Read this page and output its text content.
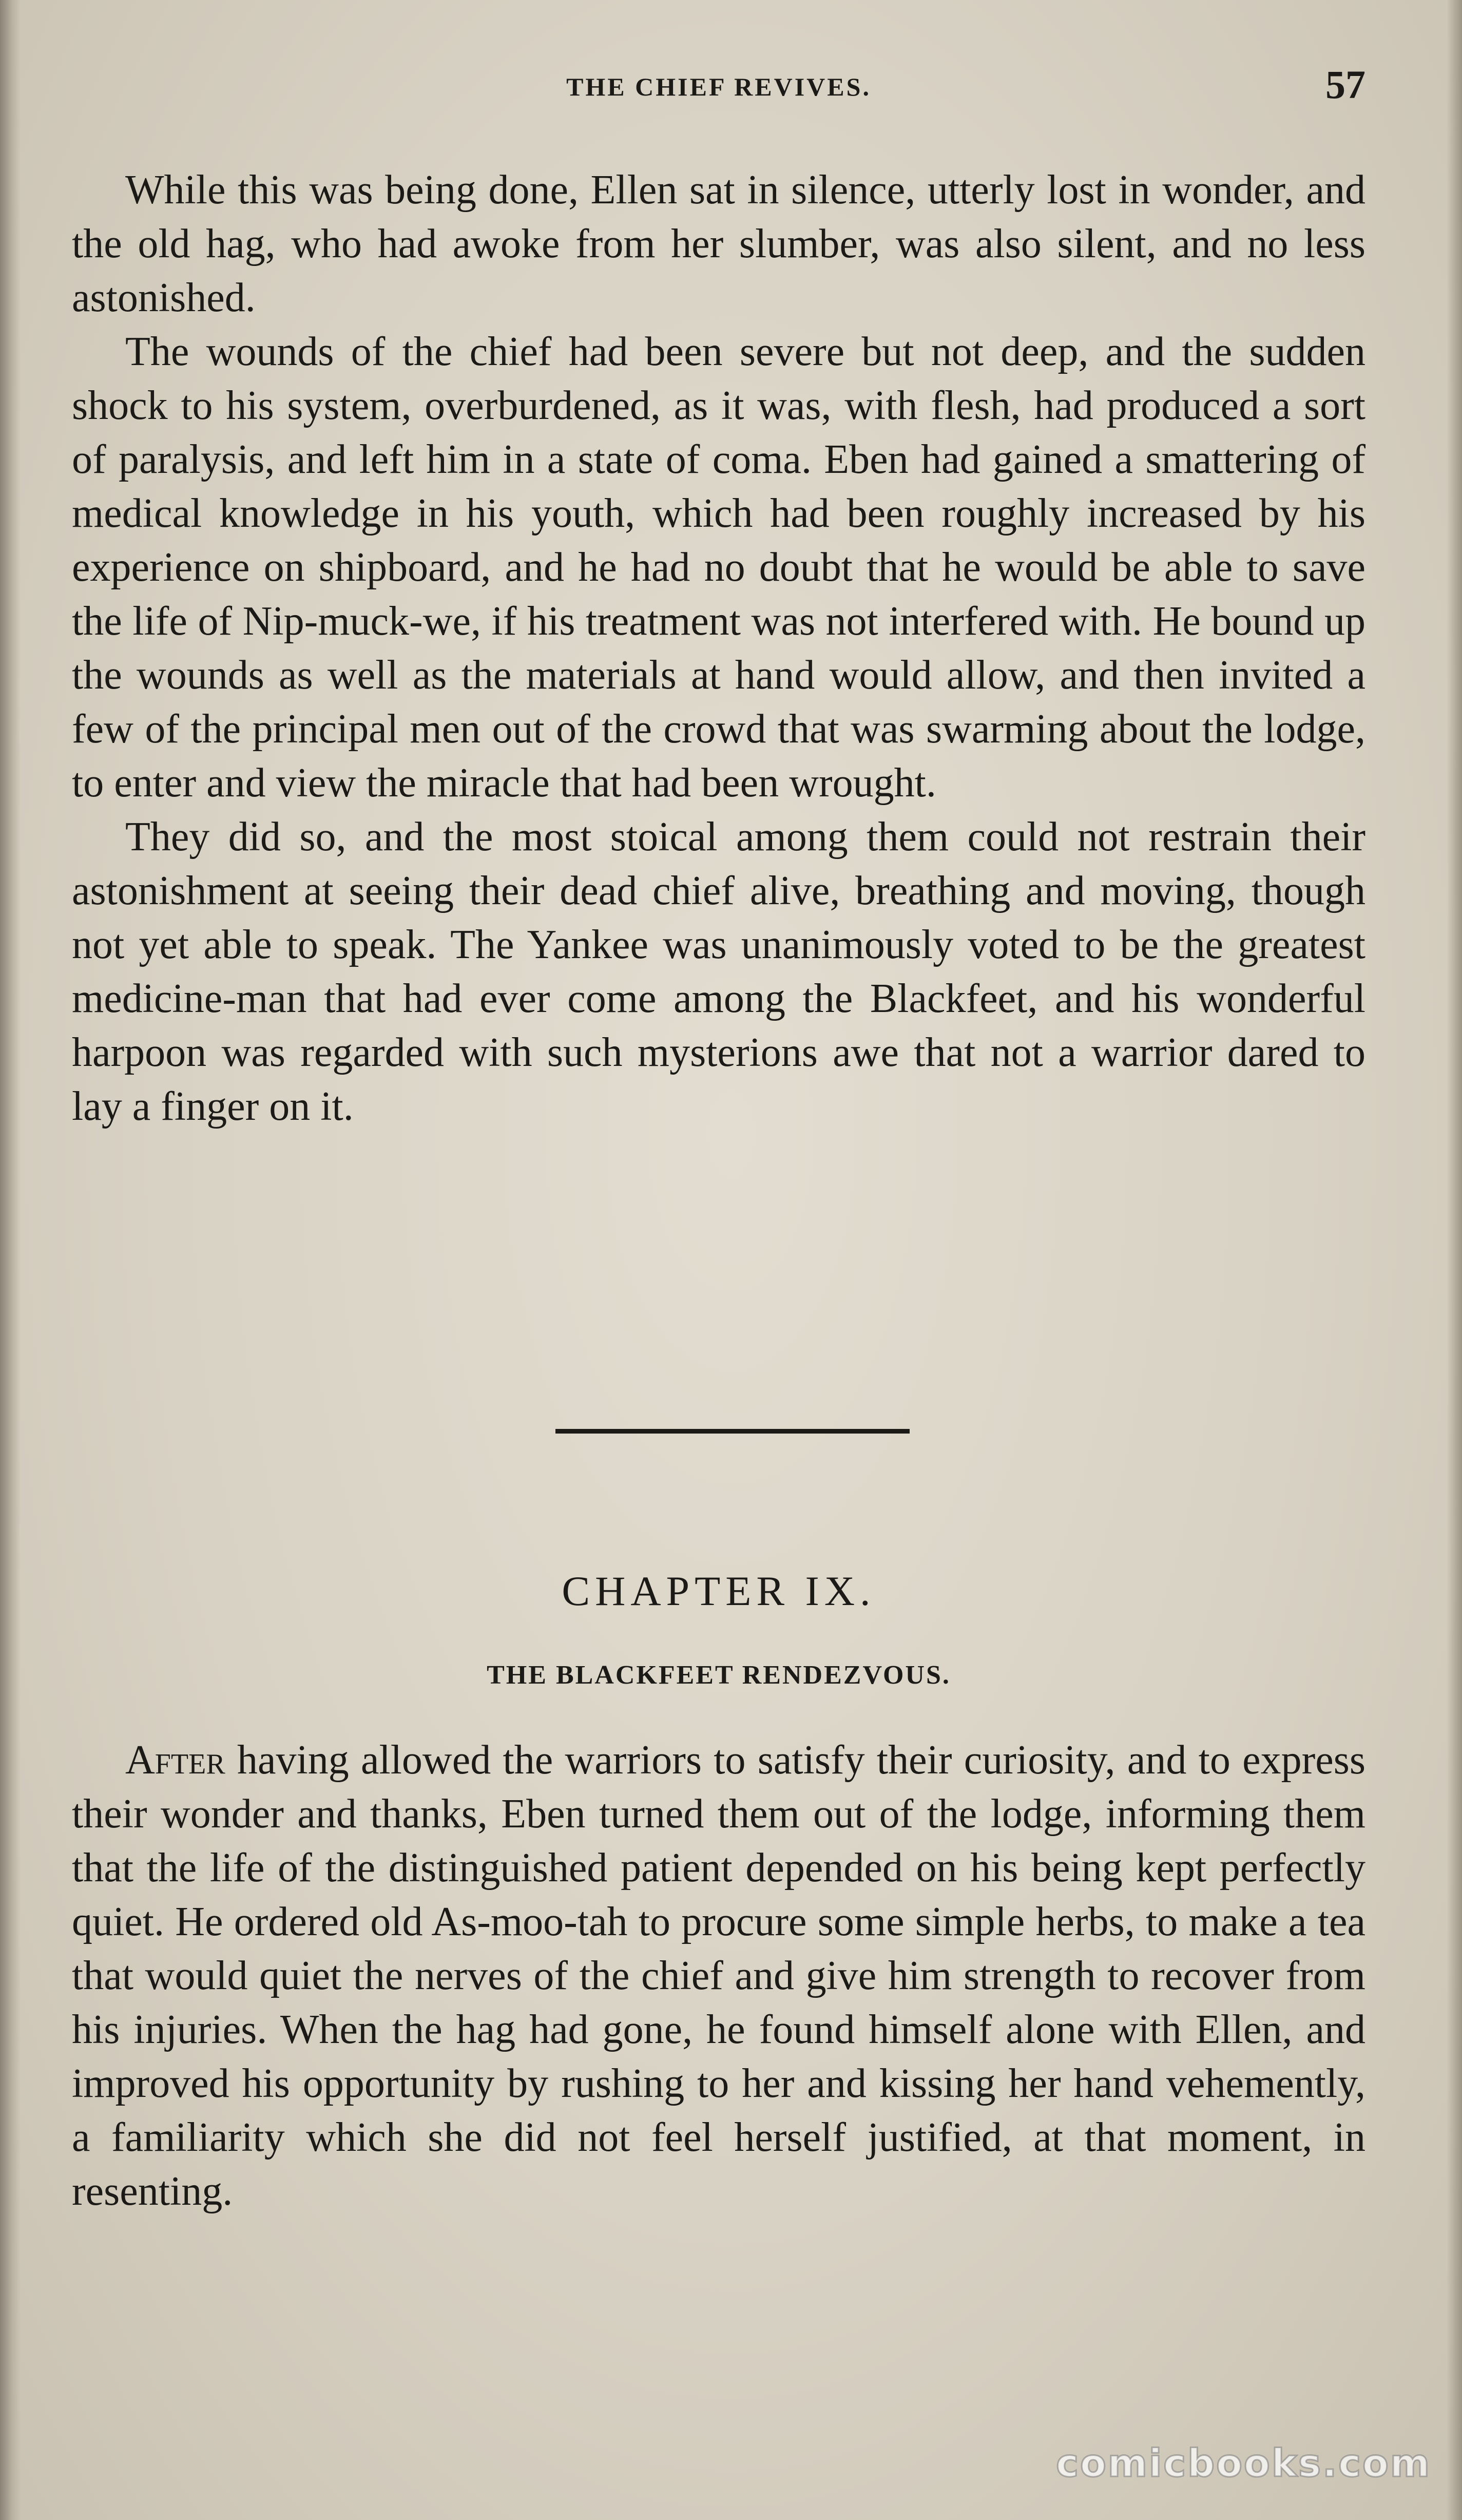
THE CHIEF REVIVES.	57

While this was being done, Ellen sat in silence, utterly lost in wonder, and the old hag, who had awoke from her slumber, was also silent, and no less astonished.

The wounds of the chief had been severe but not deep, and the sudden shock to his system, overburdened, as it was, with flesh, had produced a sort of paralysis, and left him in a state of coma. Eben had gained a smattering of medical knowledge in his youth, which had been roughly increased by his experience on shipboard, and he had no doubt that he would be able to save the life of Nip-muck-we, if his treatment was not interfered with. He bound up the wounds as well as the materials at hand would allow, and then invited a few of the principal men out of the crowd that was swarming about the lodge, to enter and view the miracle that had been wrought.

They did so, and the most stoical among them could not restrain their astonishment at seeing their dead chief alive, breathing and moving, though not yet able to speak. The Yankee was unanimously voted to be the greatest medicine-man that had ever come among the Blackfeet, and his wonderful harpoon was regarded with such mysterions awe that not a warrior dared to lay a finger on it.

CHAPTER IX.
THE BLACKFEET RENDEZVOUS.

After having allowed the warriors to satisfy their curiosity, and to express their wonder and thanks, Eben turned them out of the lodge, informing them that the life of the distinguished patient depended on his being kept perfectly quiet. He ordered old As-moo-tah to procure some simple herbs, to make a tea that would quiet the nerves of the chief and give him strength to recover from his injuries. When the hag had gone, he found himself alone with Ellen, and improved his opportunity by rushing to her and kissing her hand vehemently, a familiarity which she did not feel herself justified, at that moment, in resenting.

comicbooks.com
